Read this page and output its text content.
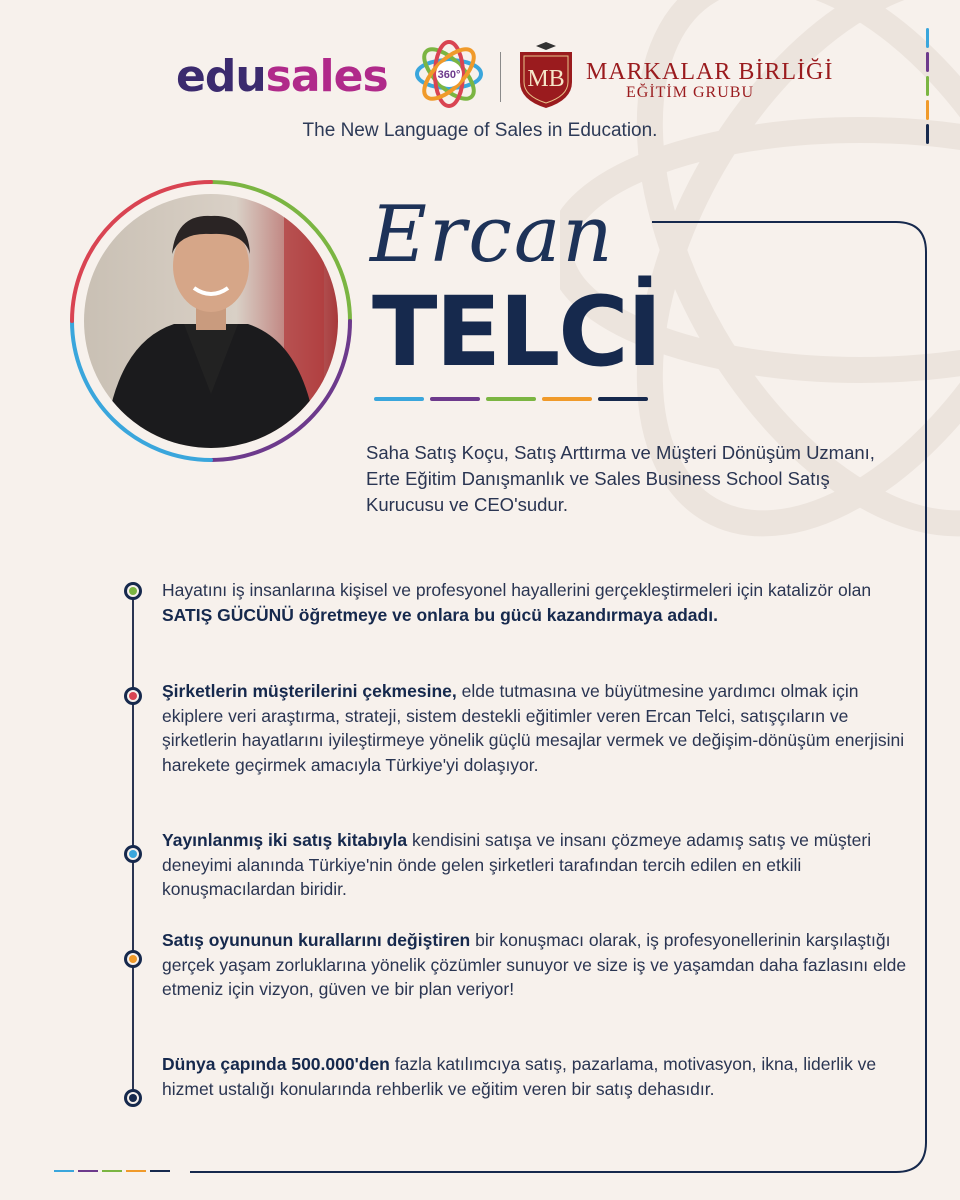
edusales	360°	MB MARKALAR BİRLİĞİ
EĞİTİM GRUBU
The New Language of Sales in Education.
Ercan
TELCİ
Saha Satış Koçu, Satış Arttırma ve Müşteri Dönüşüm Uzmanı, Erte Eğitim Danışmanlık ve Sales Business School Satış Kurucusu ve CEO'sudur.
Hayatını iş insanlarına kişisel ve profesyonel hayallerini gerçekleştirmeleri için katalizör olan SATIŞ GÜCÜNÜ öğretmeye ve onlara bu gücü kazandırmaya adadı.
Şirketlerin müşterilerini çekmesine, elde tutmasına ve büyütmesine yardımcı olmak için ekiplere veri araştırma, strateji, sistem destekli eğitimler veren Ercan Telci, satışçıların ve şirketlerin hayatlarını iyileştirmeye yönelik güçlü mesajlar vermek ve değişim-dönüşüm enerjisini harekete geçirmek amacıyla Türkiye'yi dolaşıyor.
Yayınlanmış iki satış kitabıyla kendisini satışa ve insanı çözmeye adamış satış ve müşteri deneyimi alanında Türkiye'nin önde gelen şirketleri tarafından tercih edilen en etkili konuşmacılardan biridir.
Satış oyununun kurallarını değiştiren bir konuşmacı olarak, iş profesyonellerinin karşılaştığı gerçek yaşam zorluklarına yönelik çözümler sunuyor ve size iş ve yaşamdan daha fazlasını elde etmeniz için vizyon, güven ve bir plan veriyor!
Dünya çapında 500.000'den fazla katılımcıya satış, pazarlama, motivasyon, ikna, liderlik ve hizmet ustalığı konularında rehberlik ve eğitim veren bir satış dehasıdır.
